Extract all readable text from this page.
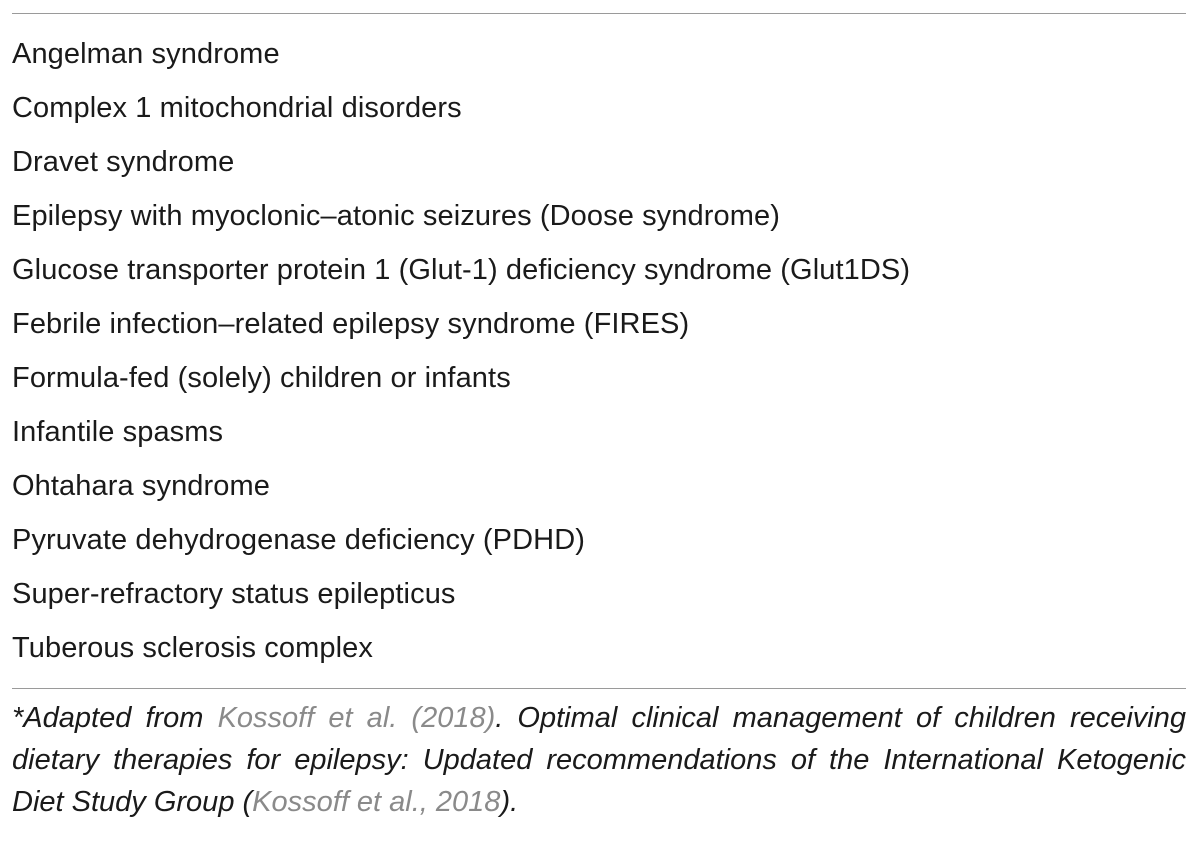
Angelman syndrome
Complex 1 mitochondrial disorders
Dravet syndrome
Epilepsy with myoclonic–atonic seizures (Doose syndrome)
Glucose transporter protein 1 (Glut-1) deficiency syndrome (Glut1DS)
Febrile infection–related epilepsy syndrome (FIRES)
Formula-fed (solely) children or infants
Infantile spasms
Ohtahara syndrome
Pyruvate dehydrogenase deficiency (PDHD)
Super-refractory status epilepticus
Tuberous sclerosis complex

*Adapted from Kossoff et al. (2018). Optimal clinical management of children receiving dietary therapies for epilepsy: Updated recommendations of the International Ketogenic Diet Study Group (Kossoff et al., 2018).
